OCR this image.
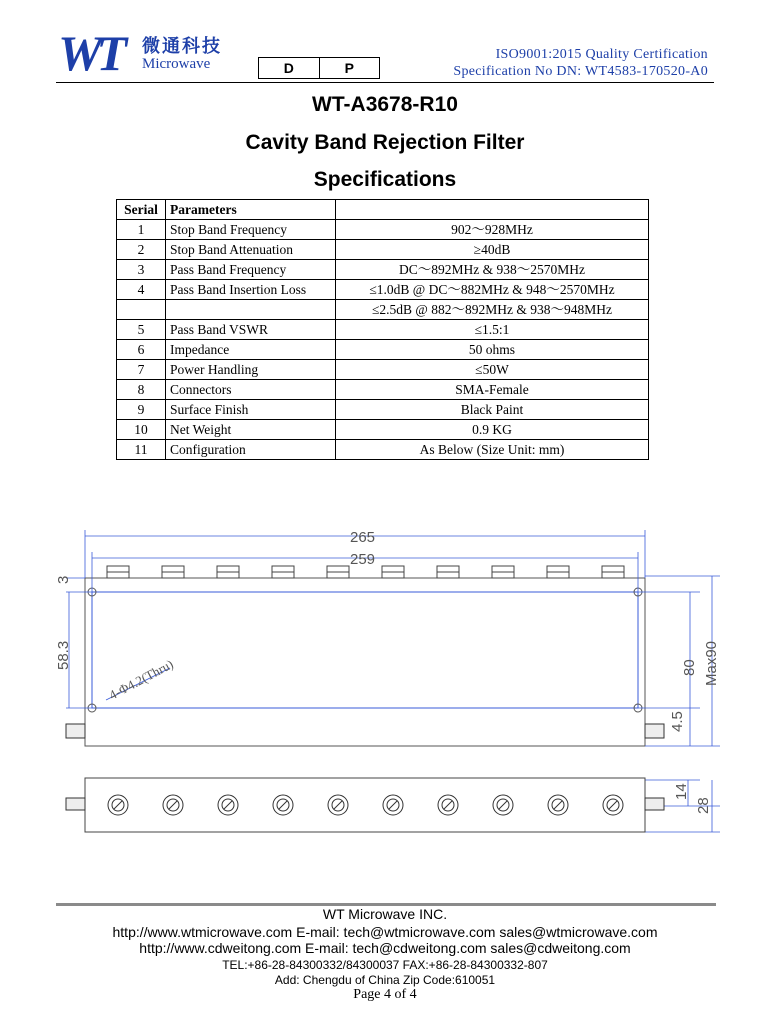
WT 微通科技
Microwave	D	P
ISO9001:2015 Quality Certification
Specification No DN: WT4583-170520-A0
WT-A3678-R10
Cavity Band Rejection Filter
Specifications
Serial	Parameters	
1	Stop Band Frequency	902～928MHz
2	Stop Band Attenuation	≥40dB
3	Pass Band Frequency	DC～892MHz & 938～2570MHz
4	Pass Band Insertion Loss	≤1.0dB @ DC～882MHz & 948～2570MHz
		≤2.5dB @ 882～892MHz & 938～948MHz
5	Pass Band VSWR	≤1.5:1
6	Impedance	50 ohms
7	Power Handling	≤50W
8	Connectors	SMA-Female
9	Surface Finish	Black Paint
10	Net Weight	0.9 KG
11	Configuration	As Below (Size Unit: mm)
265
259
3
58.3	80 Max90
4.5
14
28
4-Φ4.2(Thru)
WT Microwave INC.
http://www.wtmicrowave.com E-mail: tech@wtmicrowave.com sales@wtmicrowave.com
http://www.cdweitong.com E-mail: tech@cdweitong.com sales@cdweitong.com
TEL:+86-28-84300332/84300037 FAX:+86-28-84300332-807
Add: Chengdu of China Zip Code:610051
Page 4 of 4
